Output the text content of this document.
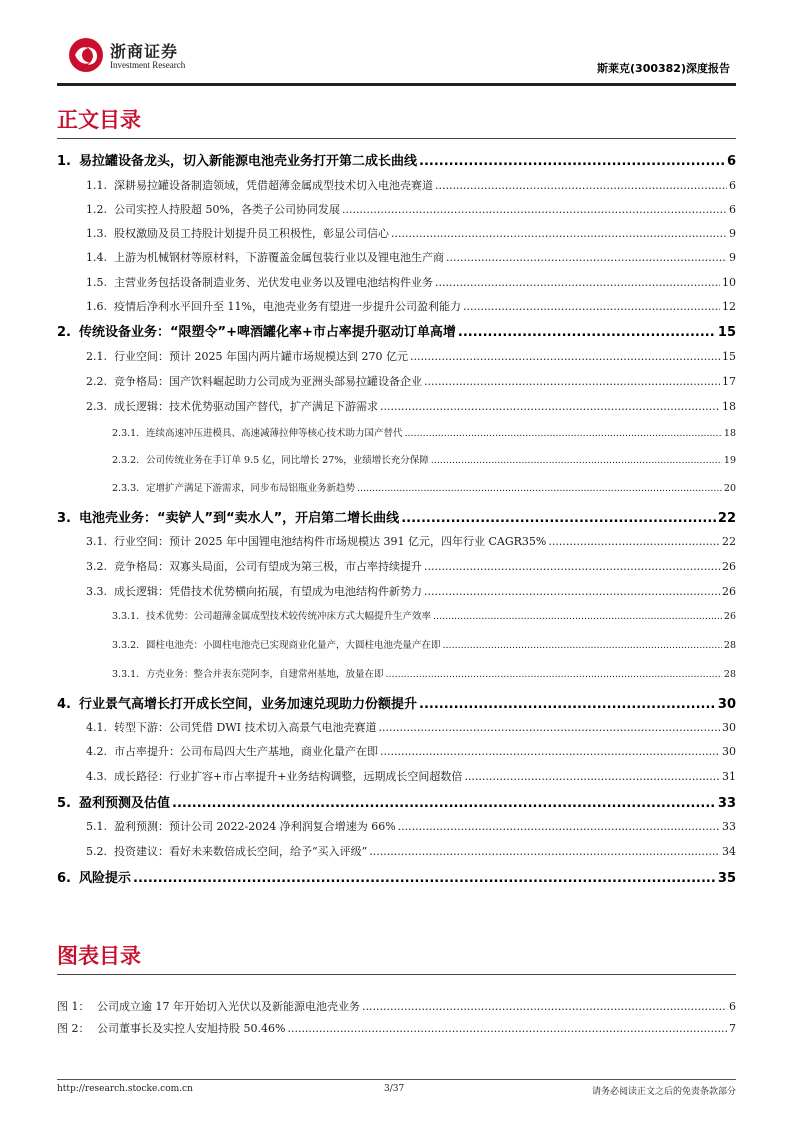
浙商证券
Investment Research	斯莱克(300382)深度报告
正文目录
1. 易拉罐设备龙头，切入新能源电池壳业务打开第二成长曲线 .....	6
1.1. 深耕易拉罐设备制造领域，凭借超薄金属成型技术切入电池壳赛道 .....	6
1.2. 公司实控人持股超 50%，各类子公司协同发展 .....	6
1.3. 股权激励及员工持股计划提升员工积极性，彰显公司信心 .....	9
1.4. 上游为机械钢材等原材料，下游覆盖金属包装行业以及锂电池生产商 .....	9
1.5. 主营业务包括设备制造业务、光伏发电业务以及锂电池结构件业务 .....	10
1.6. 疫情后净利水平回升至 11%，电池壳业务有望进一步提升公司盈利能力 .....	12
2. 传统设备业务：“限塑令”+啤酒罐化率+市占率提升驱动订单高增 .....	15
2.1. 行业空间：预计 2025 年国内两片罐市场规模达到 270 亿元 .....	15
2.2. 竞争格局：国产饮料崛起助力公司成为亚洲头部易拉罐设备企业 .....	17
2.3. 成长逻辑：技术优势驱动国产替代，扩产满足下游需求 .....	18
2.3.1. 连续高速冲压进模具、高速减薄拉伸等核心技术助力国产替代 .....	18
2.3.2. 公司传统业务在手订单 9.5 亿，同比增长 27%，业绩增长充分保障 .....	19
2.3.3. 定增扩产满足下游需求，同步布局铝瓶业务新趋势 .....	20
3. 电池壳业务：“卖铲人”到“卖水人”，开启第二增长曲线 .....	22
3.1. 行业空间：预计 2025 年中国锂电池结构件市场规模达 391 亿元，四年行业 CAGR35% .....	22
3.2. 竞争格局：双寡头局面，公司有望成为第三极，市占率持续提升 .....	26
3.3. 成长逻辑：凭借技术优势横向拓展，有望成为电池结构件新势力 .....	26
3.3.1. 技术优势：公司超薄金属成型技术较传统冲床方式大幅提升生产效率 .....	26
3.3.2. 圆柱电池壳：小圆柱电池壳已实现商业化量产，大圆柱电池壳量产在即 .....	28
3.3.1. 方壳业务：整合并表东莞阿李，自建常州基地，放量在即 .....	28
4. 行业景气高增长打开成长空间，业务加速兑现助力份额提升 .....	30
4.1. 转型下游：公司凭借 DWI 技术切入高景气电池壳赛道 .....	30
4.2. 市占率提升：公司布局四大生产基地，商业化量产在即 .....	30
4.3. 成长路径：行业扩容+市占率提升+业务结构调整，远期成长空间超数倍 .....	31
5. 盈利预测及估值 .....	33
5.1. 盈利预测：预计公司 2022-2024 净利润复合增速为 66% .....	33
5.2. 投资建议：看好未来数倍成长空间，给予“买入评级” .....	34
6. 风险提示 .....	35
图表目录
图 1： 公司成立逾 17 年开始切入光伏以及新能源电池壳业务 .....	6
图 2： 公司董事长及实控人安旭持股 50.46% .....	7
http://research.stocke.com.cn	3/37	请务必阅读正文之后的免责条款部分
